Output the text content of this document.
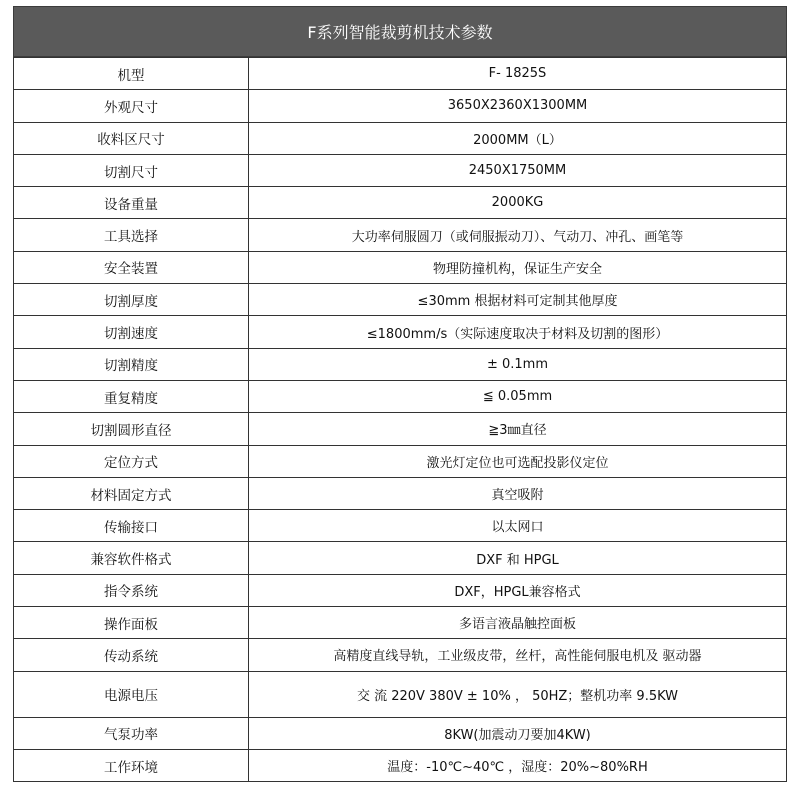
F系列智能裁剪机技术参数
机型	F- 1825S
外观尺寸	3650X2360X1300MM
收料区尺寸	2000MM（L）
切割尺寸	2450X1750MM
设备重量	2000KG
工具选择	大功率伺服圆刀（或伺服振动刀）、气动刀、冲孔、画笔等
安全装置	物理防撞机构，保证生产安全
切割厚度	≤30mm 根据材料可定制其他厚度
切割速度	≤1800mm/s（实际速度取决于材料及切割的图形）
切割精度	± 0.1mm
重复精度	≦ 0.05mm
切割圆形直径	≧3㎜直径
定位方式	激光灯定位也可选配投影仪定位
材料固定方式	真空吸附
传输接口	以太网口
兼容软件格式	DXF 和 HPGL
指令系统	DXF，HPGL兼容格式
操作面板	多语言液晶触控面板
传动系统	高精度直线导轨，工业级皮带，丝杆，高性能伺服电机及 驱动器
电源电压	交 流 220V 380V ± 10% ， 50HZ；整机功率 9.5KW
气泵功率	8KW(加震动刀要加4KW)
工作环境	温度：-10℃~40℃ ，湿度：20%~80%RH
